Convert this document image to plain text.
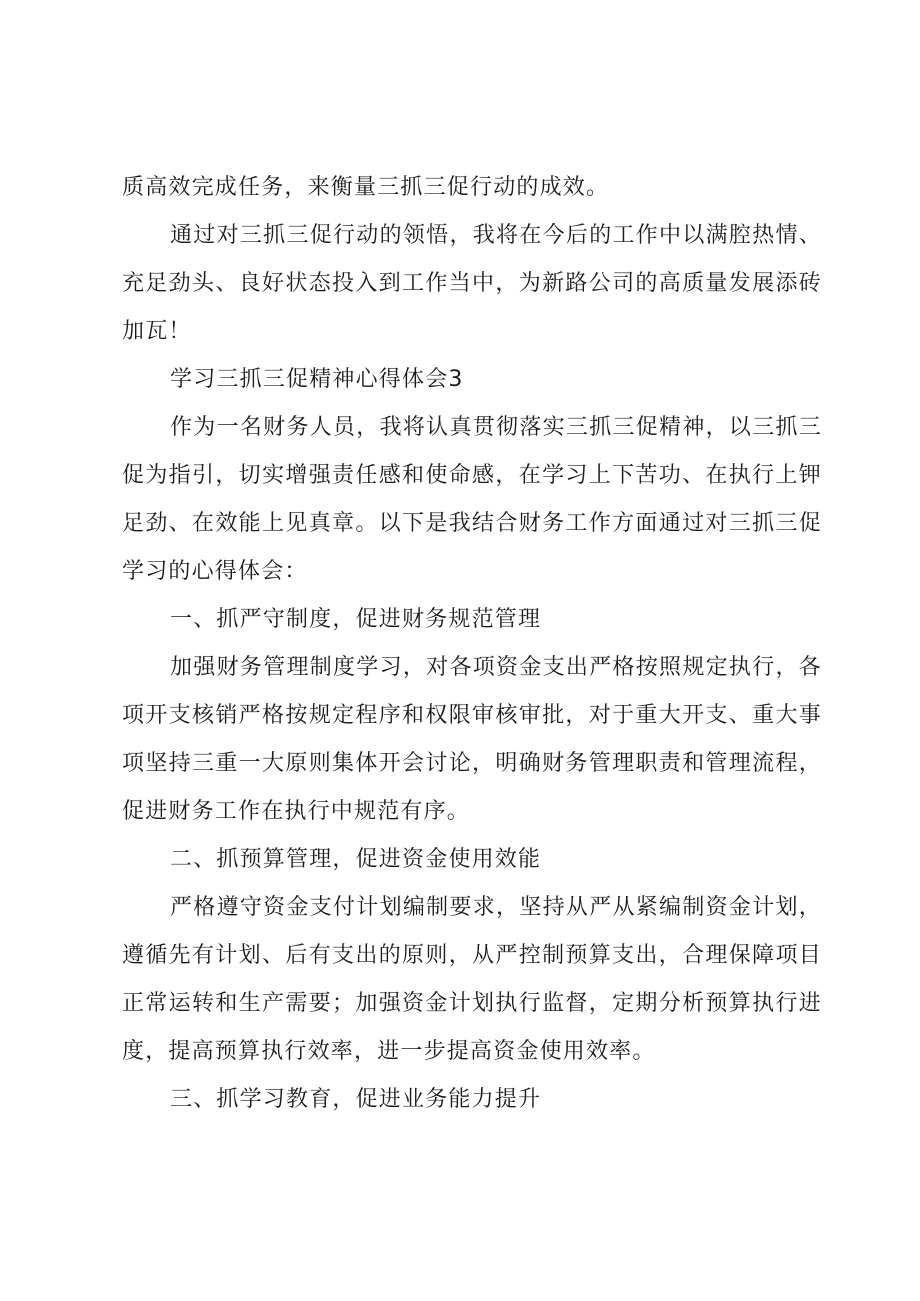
质高效完成任务，来衡量三抓三促行动的成效。

通过对三抓三促行动的领悟，我将在今后的工作中以满腔热情、充足劲头、良好状态投入到工作当中，为新路公司的高质量发展添砖加瓦！

学习三抓三促精神心得体会3

作为一名财务人员，我将认真贯彻落实三抓三促精神，以三抓三促为指引，切实增强责任感和使命感，在学习上下苦功、在执行上钾足劲、在效能上见真章。以下是我结合财务工作方面通过对三抓三促学习的心得体会：

一、抓严守制度，促进财务规范管理

加强财务管理制度学习，对各项资金支出严格按照规定执行，各项开支核销严格按规定程序和权限审核审批，对于重大开支、重大事项坚持三重一大原则集体开会讨论，明确财务管理职责和管理流程，促进财务工作在执行中规范有序。

二、抓预算管理，促进资金使用效能

严格遵守资金支付计划编制要求，坚持从严从紧编制资金计划，遵循先有计划、后有支出的原则，从严控制预算支出，合理保障项目正常运转和生产需要；加强资金计划执行监督，定期分析预算执行进度，提高预算执行效率，进一步提高资金使用效率。

三、抓学习教育，促进业务能力提升
